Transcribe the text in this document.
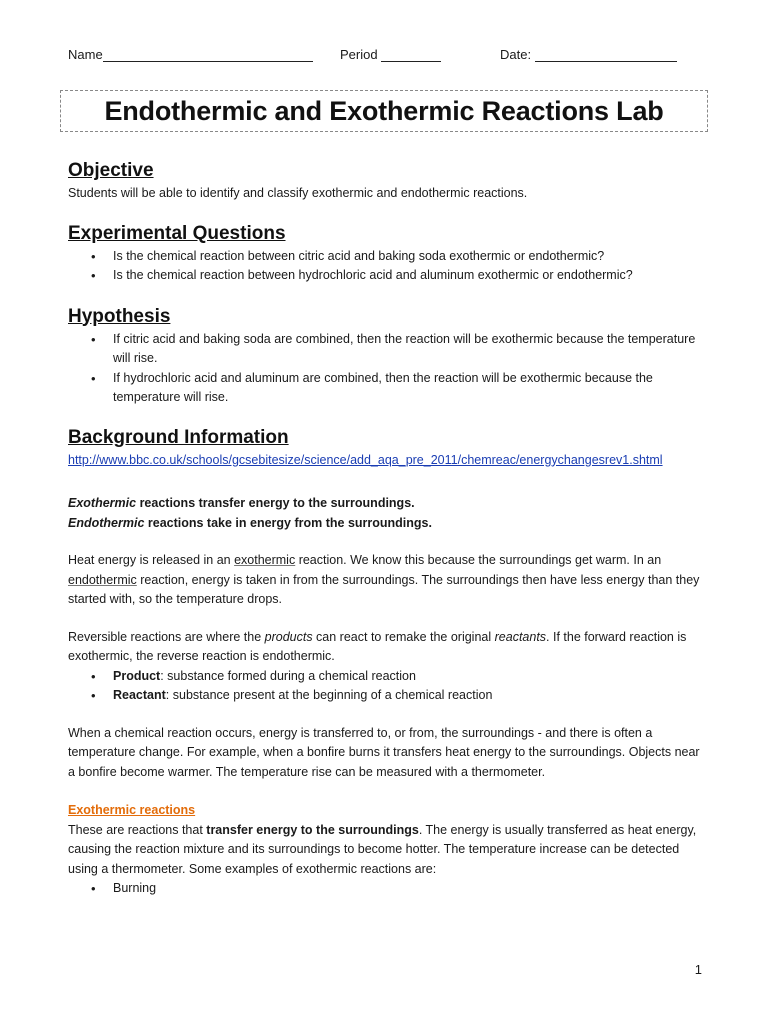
Name	Period	Date:
Endothermic and Exothermic Reactions Lab
Objective

Students will be able to identify and classify exothermic and endothermic reactions.

Experimental Questions
• Is the chemical reaction between citric acid and baking soda exothermic or endothermic?
• Is the chemical reaction between hydrochloric acid and aluminum exothermic or endothermic?
Hypothesis
• If citric acid and baking soda are combined, then the reaction will be exothermic because the temperature will rise.
• If hydrochloric acid and aluminum are combined, then the reaction will be exothermic because the temperature will rise.
Background Information

http://www.bbc.co.uk/schools/gcsebitesize/science/add_aqa_pre_2011/chemreac/energychangesrev1.shtml

Exothermic reactions transfer energy to the surroundings.

Endothermic reactions take in energy from the surroundings.

Heat energy is released in an exothermic reaction. We know this because the surroundings get warm. In an endothermic reaction, energy is taken in from the surroundings. The surroundings then have less energy than they started with, so the temperature drops.

Reversible reactions are where the products can react to remake the original reactants. If the forward reaction is exothermic, the reverse reaction is endothermic.

• Product: substance formed during a chemical reaction
• Reactant: substance present at the beginning of a chemical reaction

When a chemical reaction occurs, energy is transferred to, or from, the surroundings - and there is often a temperature change. For example, when a bonfire burns it transfers heat energy to the surroundings. Objects near a bonfire become warmer. The temperature rise can be measured with a thermometer.

Exothermic reactions

These are reactions that transfer energy to the surroundings. The energy is usually transferred as heat energy, causing the reaction mixture and its surroundings to become hotter. The temperature increase can be detected using a thermometer. Some examples of exothermic reactions are:

• Burning
1
